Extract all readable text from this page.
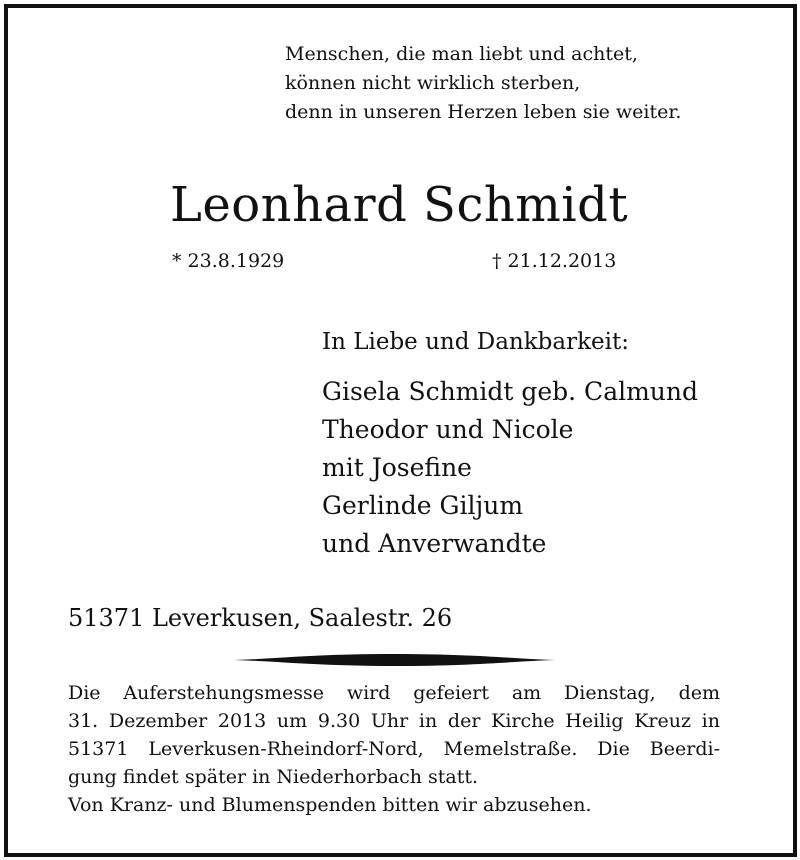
Menschen, die man liebt und achtet,

können nicht wirklich sterben,

denn in unseren Herzen leben sie weiter.

Leonhard Schmidt
* 23.8.1929	† 21.12.2013

In Liebe und Dankbarkeit:

Gisela Schmidt geb. Calmund
Theodor und Nicole
mit Josefine
Gerlinde Giljum
und Anverwandte

51371 Leverkusen, Saalestr. 26

Die Auferstehungsmesse wird gefeiert am Dienstag, dem
31. Dezember 2013 um 9.30 Uhr in der Kirche Heilig Kreuz in
51371 Leverkusen-Rheindorf-Nord, Memelstraße. Die Beerdi-
gung findet später in Niederhorbach statt.
Von Kranz- und Blumenspenden bitten wir abzusehen.
